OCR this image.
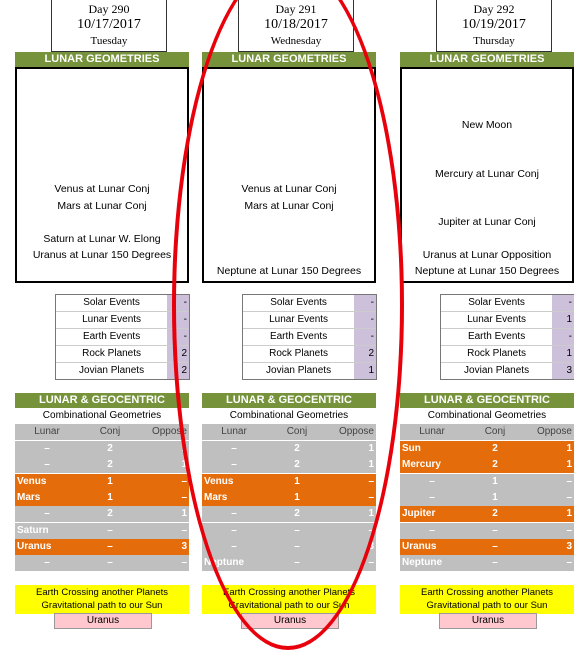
Day 290
10/17/2017
Tuesday
LUNAR GEOMETRIES
Venus at Lunar Conj
Mars at Lunar Conj
Saturn at Lunar W. Elong
Uranus at Lunar 150 Degrees
Solar Events	-
Lunar Events	-
Earth Events	-
Rock Planets	2
Jovian Planets	2
LUNAR & GEOCENTRIC
Combinational Geometries
Lunar	Conj	Oppose
–	2	1
–	2	1
Venus	1	–
Mars	1	–
–	2	1
Saturn	–	–
Uranus	–	3
–	–	–
Earth Crossing another Planets
Gravitational path to our Sun
Uranus
Day 291
10/18/2017
Wednesday
LUNAR GEOMETRIES
Venus at Lunar Conj
Mars at Lunar Conj
Neptune at Lunar 150 Degrees
Solar Events	-
Lunar Events	-
Earth Events	-
Rock Planets	2
Jovian Planets	1
LUNAR & GEOCENTRIC
Combinational Geometries
Lunar	Conj	Oppose
–	2	1
–	2	1
Venus	1	–
Mars	1	–
–	2	1
–	–	–
–	–	3
Neptune	–	–
Earth Crossing another Planets
Gravitational path to our Sun
Uranus
Day 292
10/19/2017
Thursday
LUNAR GEOMETRIES
New Moon
Mercury at Lunar Conj
Jupiter at Lunar Conj
Uranus at Lunar Opposition
Neptune at Lunar 150 Degrees
Solar Events	-
Lunar Events	1
Earth Events	-
Rock Planets	1
Jovian Planets	3
LUNAR & GEOCENTRIC
Combinational Geometries
Lunar	Conj	Oppose
Sun	2	1
Mercury	2	1
–	1	–
–	1	–
Jupiter	2	1
–	–	–
Uranus	–	3
Neptune	–	–
Earth Crossing another Planets
Gravitational path to our Sun
Uranus
